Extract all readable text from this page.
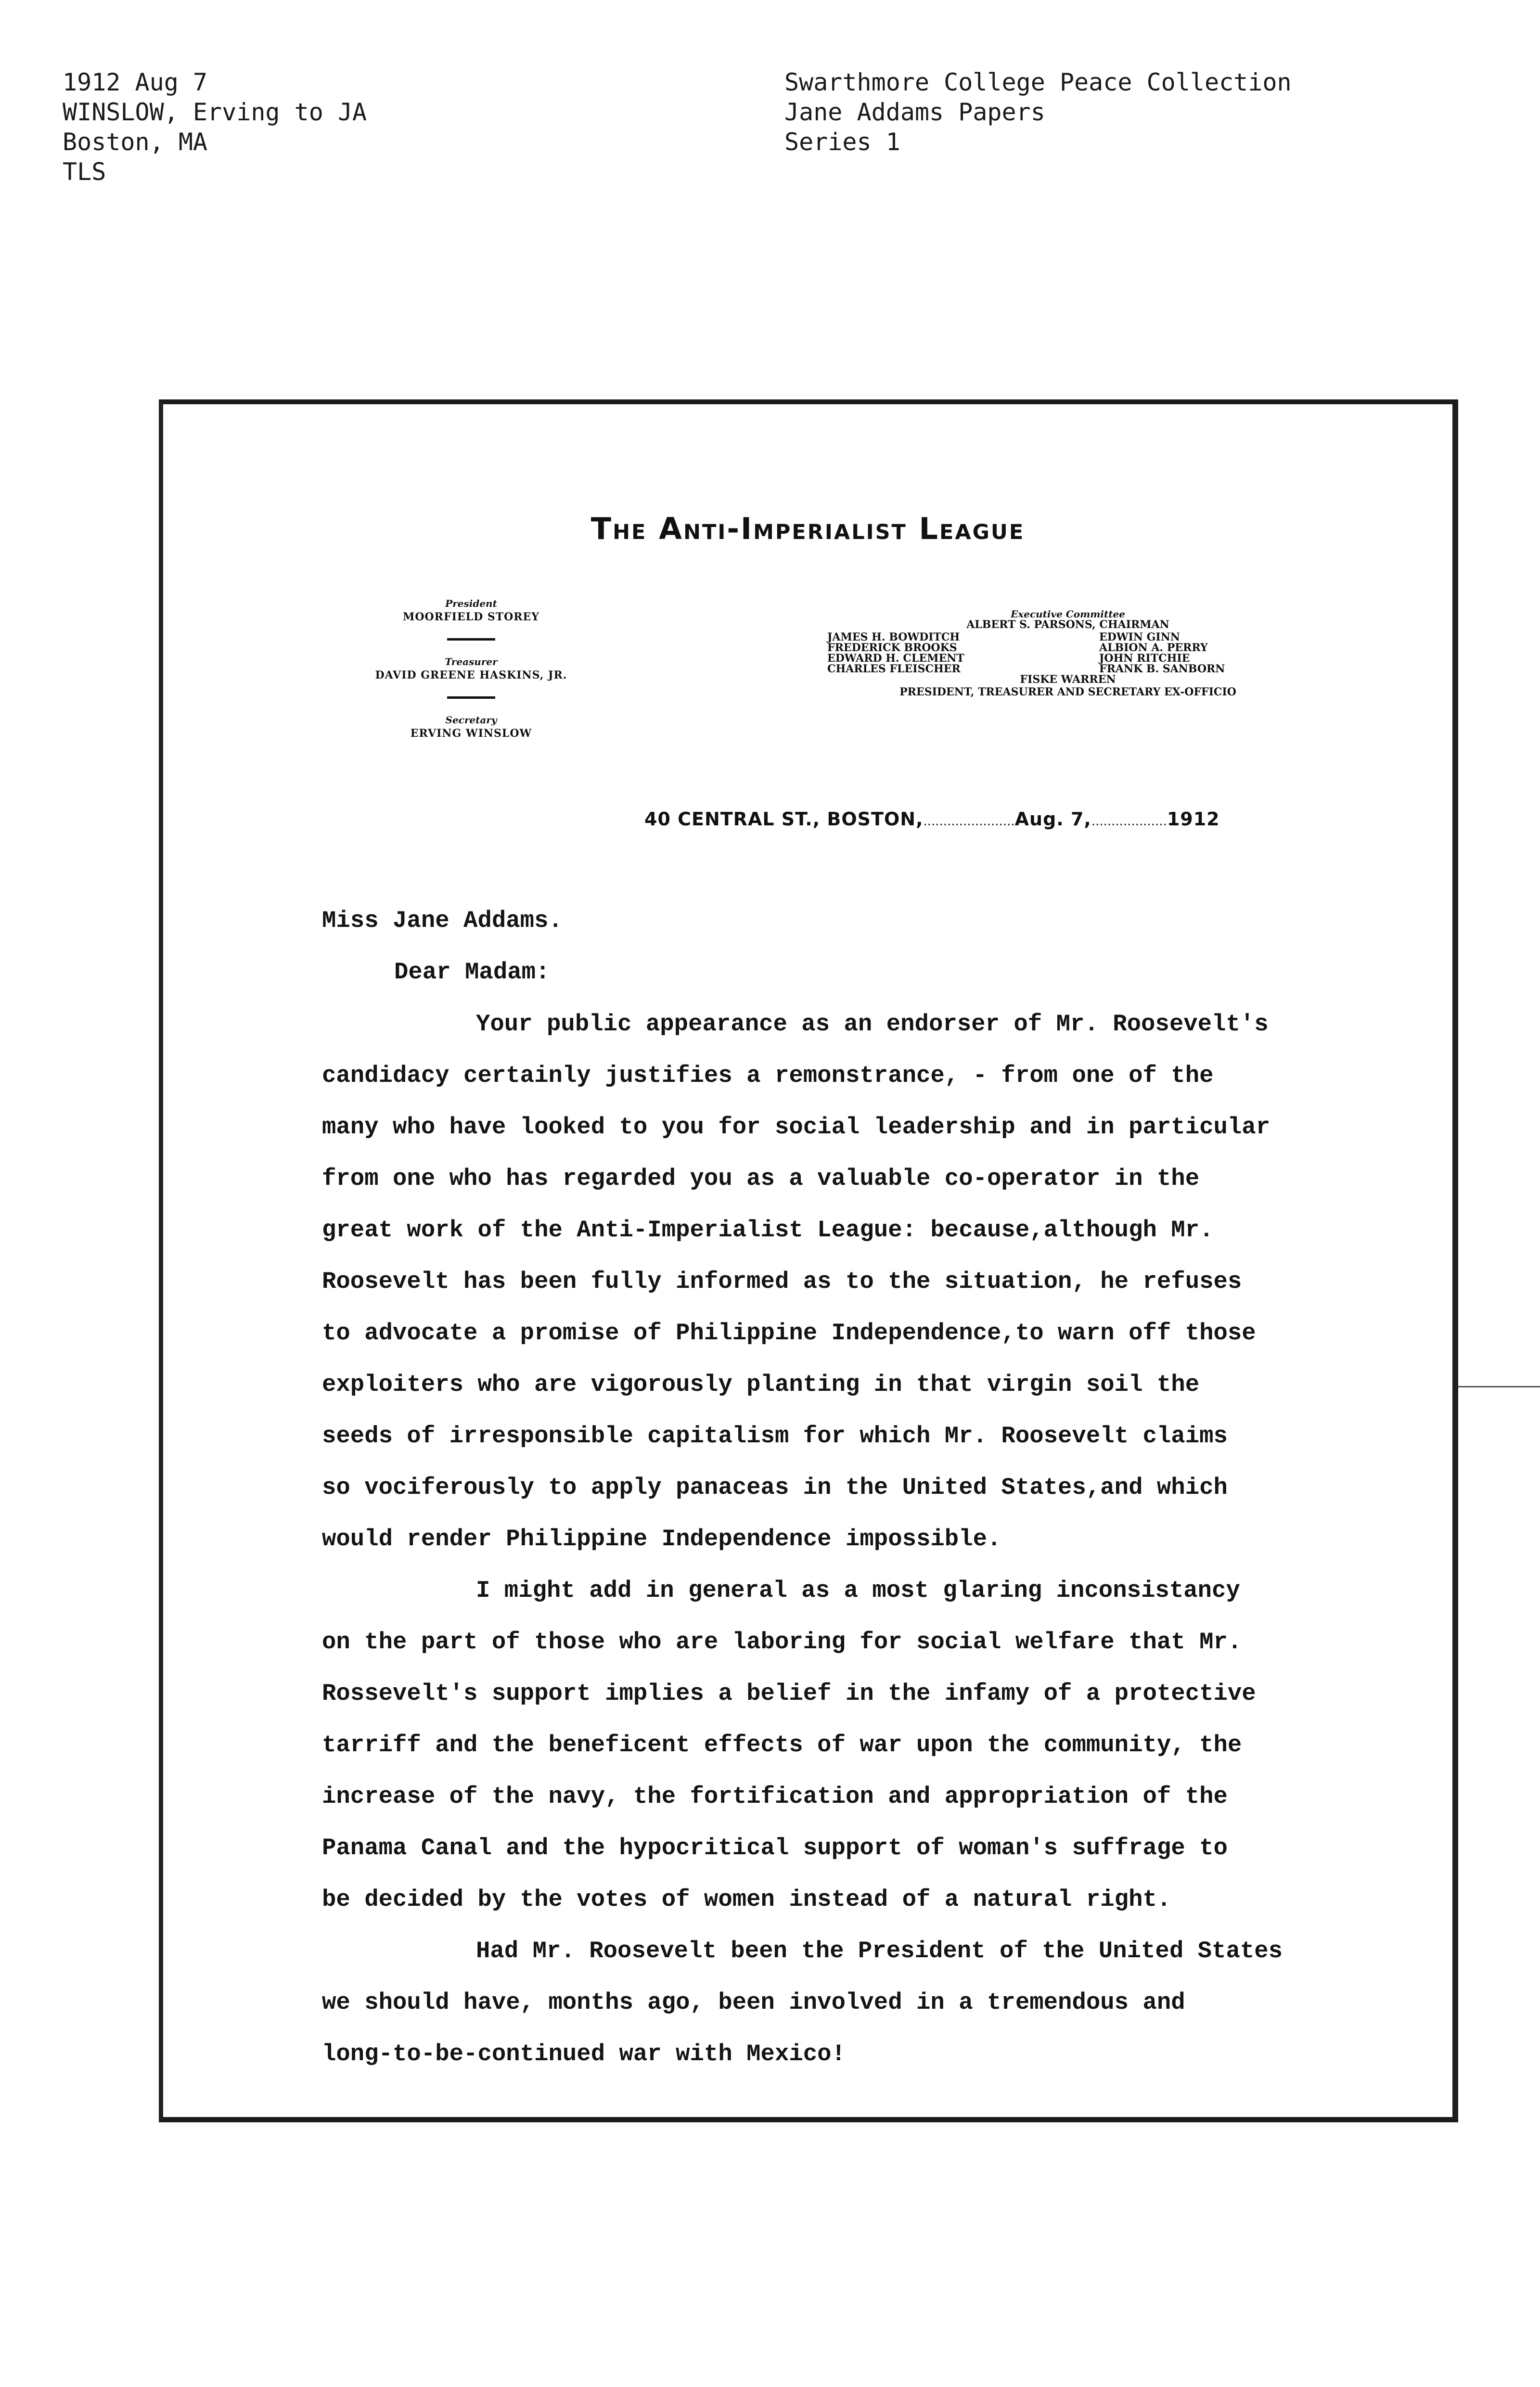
1912 Aug 7
WINSLOW, Erving to JA
Boston, MA
TLS
Swarthmore College Peace Collection
Jane Addams Papers
Series 1
The Anti-Imperialist League
President
MOORFIELD STOREY
Treasurer
DAVID GREENE HASKINS, JR.
Secretary
ERVING WINSLOW
Executive Committee
ALBERT S. PARSONS, CHAIRMAN
JAMES H. BOWDITCH
FREDERICK BROOKS
EDWARD H. CLEMENT
CHARLES FLEISCHER
EDWIN GINN
ALBION A. PERRY
JOHN RITCHIE
FRANK B. SANBORN
FISKE WARREN
PRESIDENT, TREASURER AND SECRETARY EX-OFFICIO
40 CENTRAL ST., BOSTON,.......................Aug. 7,...................1912
Miss Jane Addams.
Dear Madam:
Your public appearance as an endorser of Mr. Roosevelt's
candidacy certainly justifies a remonstrance, - from one of the
many who have looked to you for social leadership and in particular
from one who has regarded you as a valuable co-operator in the
great work of the Anti-Imperialist League: because,although Mr.
Roosevelt has been fully informed as to the situation, he refuses
to advocate a promise of Philippine Independence,to warn off those
exploiters who are vigorously planting in that virgin soil the
seeds of irresponsible capitalism for which Mr. Roosevelt claims
so vociferously to apply panaceas in the United States,and which
would render Philippine Independence impossible.
I might add in general as a most glaring inconsistancy
on the part of those who are laboring for social welfare that Mr.
Rossevelt's support implies a belief in the infamy of a protective
tarriff and the beneficent effects of war upon the community, the
increase of the navy, the fortification and appropriation of the
Panama Canal and the hypocritical support of woman's suffrage to
be decided by the votes of women instead of a natural right.
Had Mr. Roosevelt been the President of the United States
we should have, months ago, been involved in a tremendous and
long-to-be-continued war with Mexico!
